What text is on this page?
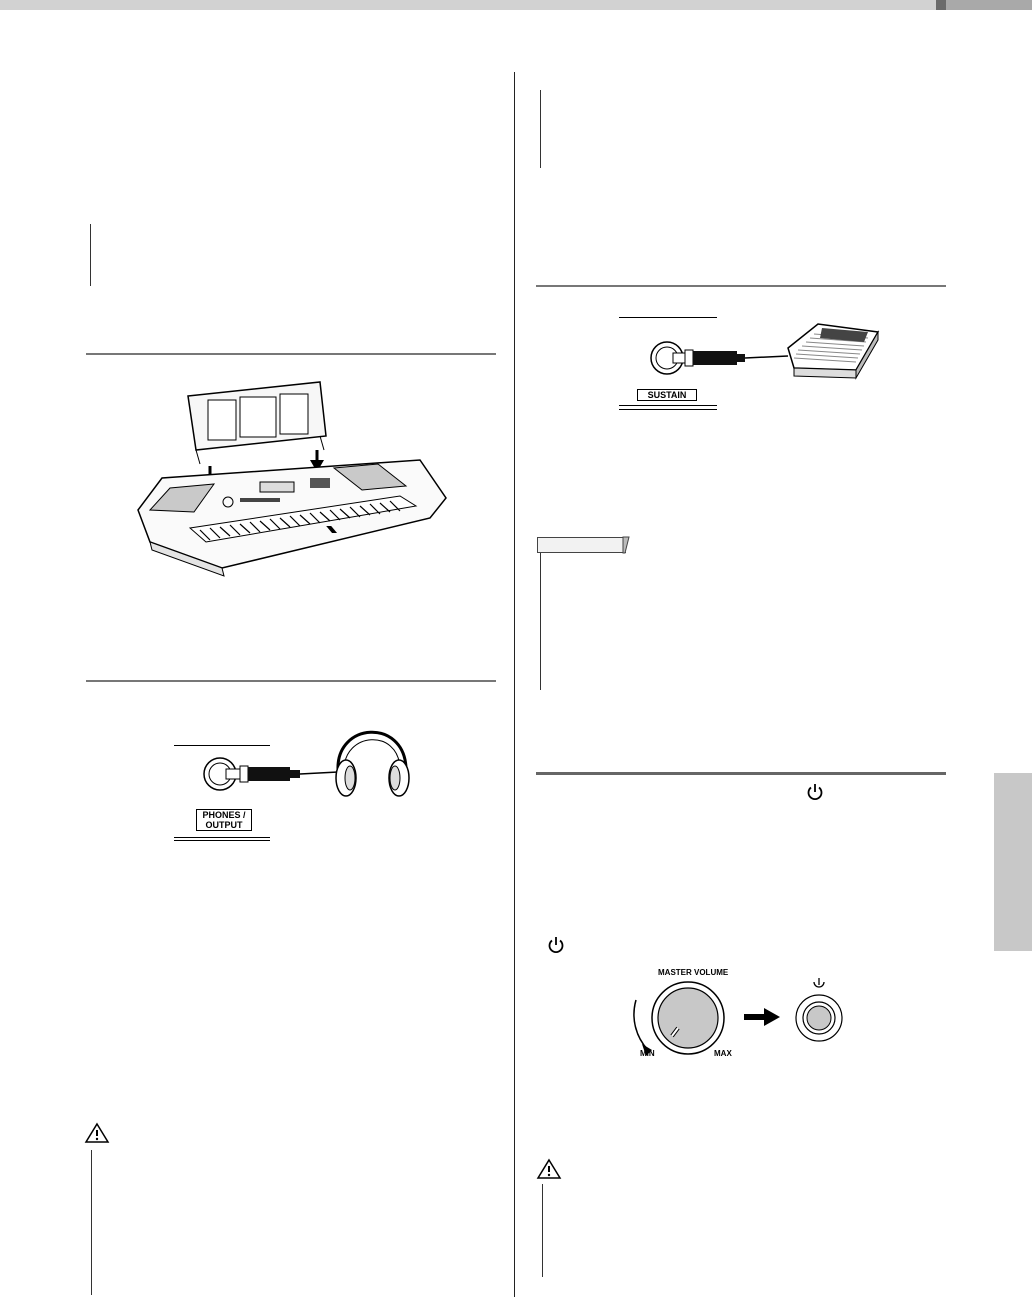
PHONES /
OUTPUT
SUSTAIN
MASTER VOLUME
MIN	MAX
